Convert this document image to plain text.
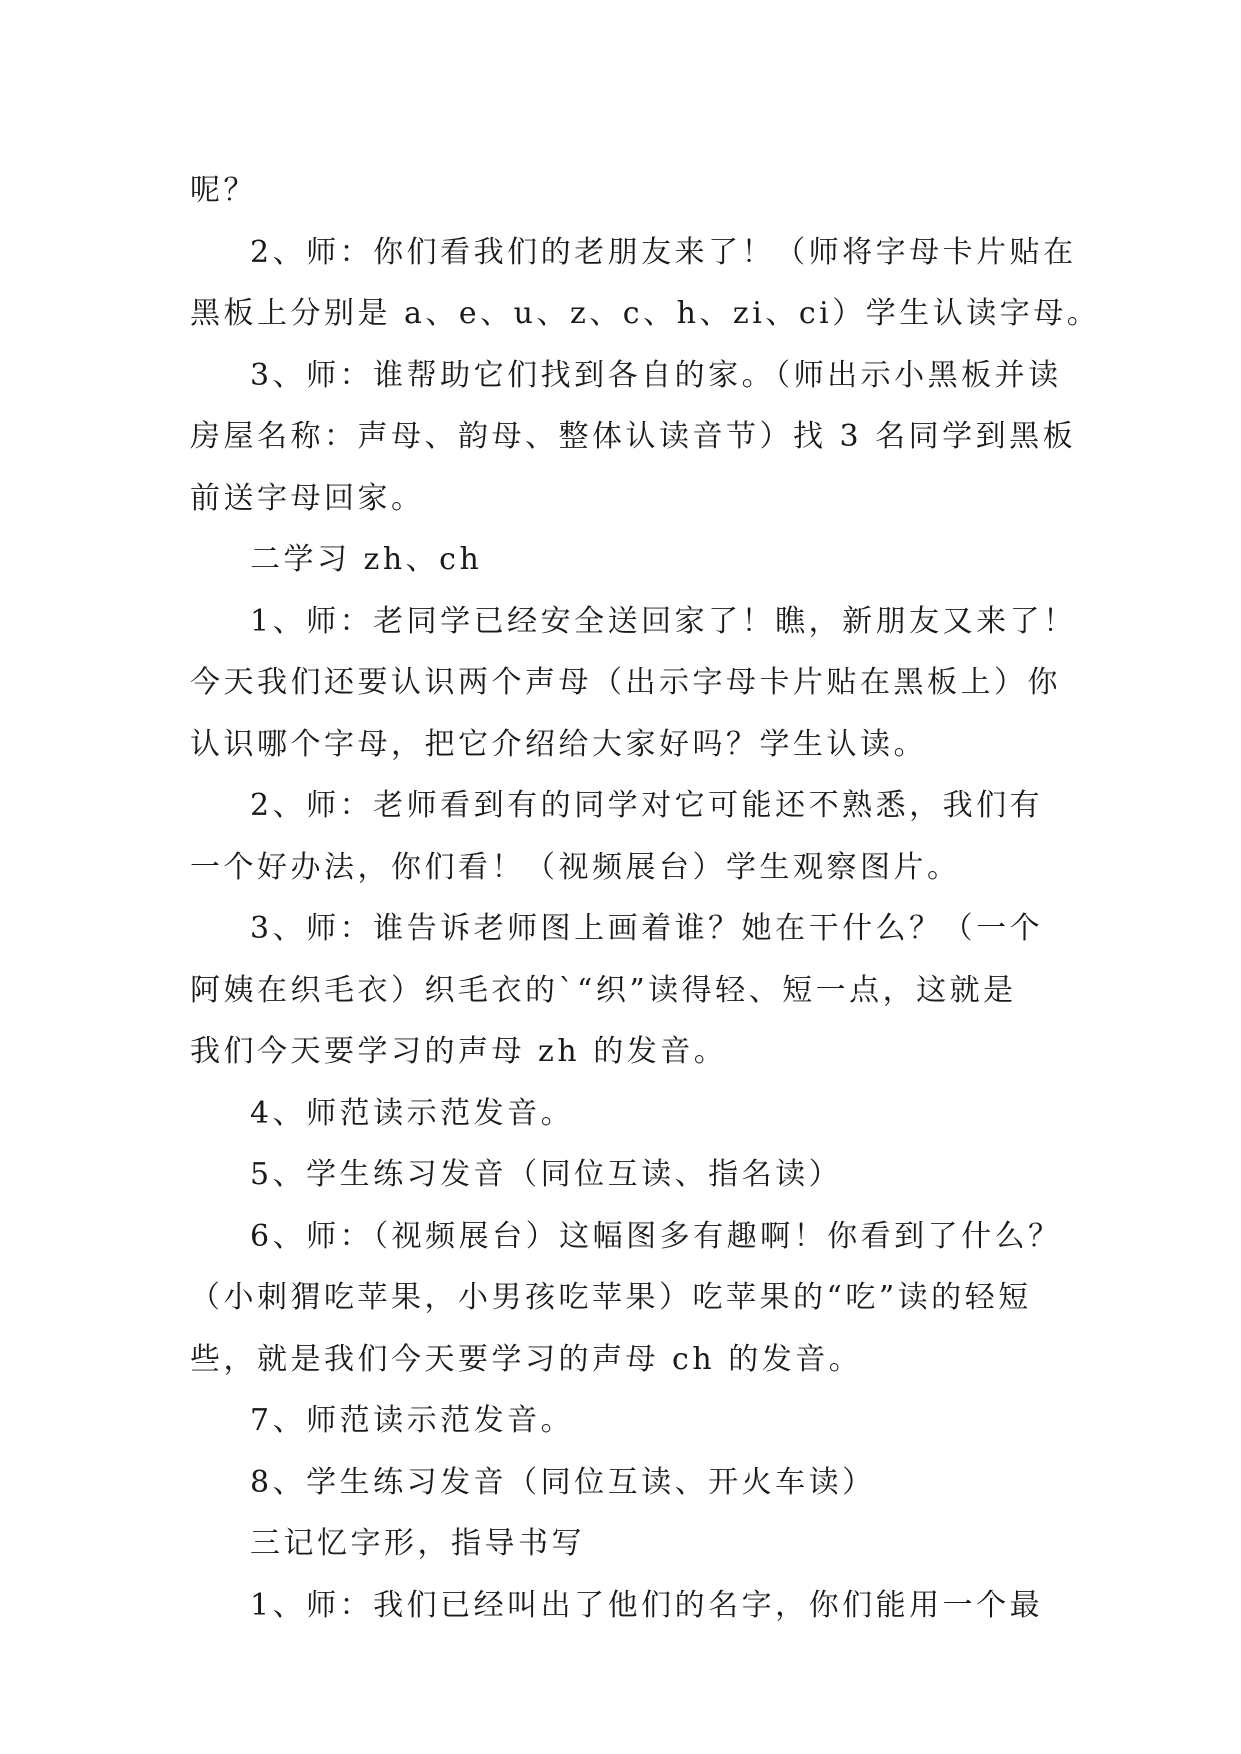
呢？
2、师：你们看我们的老朋友来了！（师将字母卡片贴在
黑板上分别是 a、e、u、z、c、h、zi、ci）学生认读字母。
3、师：谁帮助它们找到各自的家。（师出示小黑板并读
房屋名称：声母、韵母、整体认读音节）找 3 名同学到黑板
前送字母回家。
二学习 zh、ch
1、师：老同学已经安全送回家了！瞧，新朋友又来了！
今天我们还要认识两个声母（出示字母卡片贴在黑板上）你
认识哪个字母，把它介绍给大家好吗？学生认读。
2、师：老师看到有的同学对它可能还不熟悉，我们有
一个好办法，你们看！（视频展台）学生观察图片。
3、师：谁告诉老师图上画着谁？她在干什么？（一个
阿姨在织毛衣）织毛衣的`“织”读得轻、短一点，这就是
我们今天要学习的声母 zh 的发音。
4、师范读示范发音。
5、学生练习发音（同位互读、指名读）
6、师：（视频展台）这幅图多有趣啊！你看到了什么？
（小刺猬吃苹果，小男孩吃苹果）吃苹果的“吃”读的轻短
些，就是我们今天要学习的声母 ch 的发音。
7、师范读示范发音。
8、学生练习发音（同位互读、开火车读）
三记忆字形，指导书写
1、师：我们已经叫出了他们的名字，你们能用一个最
